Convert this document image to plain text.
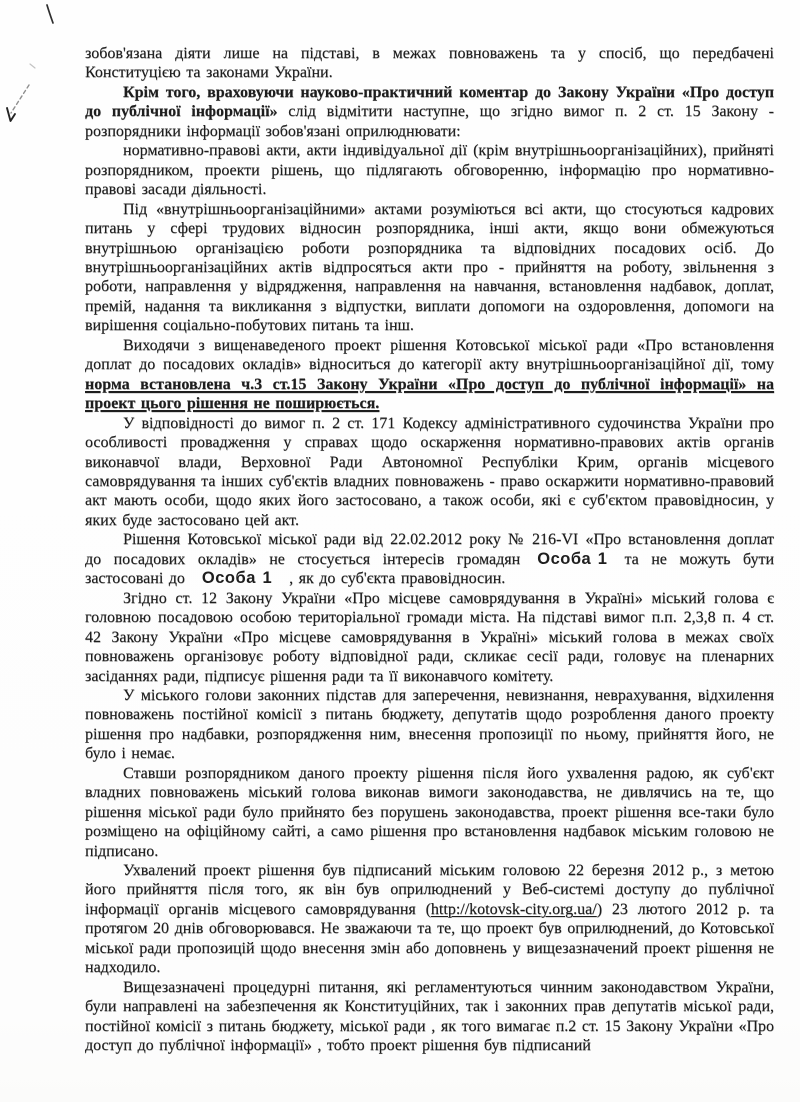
зобов'язана діяти лише на підставі, в межах повноважень та у спосіб, що передбачені Конституцією та законами України.

Крім того, враховуючи науково-практичний коментар до Закону України «Про доступ до публічної інформації» слід відмітити наступне, що згідно вимог п. 2 ст. 15 Закону - розпорядники інформації зобов'язані оприлюднювати:

нормативно-правові акти, акти індивідуальної дії (крім внутрішньоорганізаційних), прийняті розпорядником, проекти рішень, що підлягають обговоренню, інформацію про нормативно-правові засади діяльності.

Під «внутрішньоорганізаційними» актами розуміються всі акти, що стосуються кадрових питань у сфері трудових відносин розпорядника, інші акти, якщо вони обмежуються внутрішньою організацією роботи розпорядника та відповідних посадових осіб. До внутрішньоорганізаційних актів відпросяться акти про - прийняття на роботу, звільнення з роботи, направлення у відрядження, направлення на навчання, встановлення надбавок, доплат, премій, надання та викликання з відпустки, виплати допомоги на оздоровлення, допомоги на вирішення соціально-побутових питань та інш.

Виходячи з вищенаведеного проект рішення Котовської міської ради «Про встановлення доплат до посадових окладів» відноситься до категорії акту внутрішньоорганізаційної дії, тому норма встановлена ч.3 ст.15 Закону України «Про доступ до публічної інформації» на проект цього рішення не поширюється.

У відповідності до вимог п. 2 ст. 171 Кодексу адміністративного судочинства України про особливості провадження у справах щодо оскарження нормативно-правових актів органів виконавчої влади, Верховної Ради Автономної Республіки Крим, органів місцевого самоврядування та інших суб'єктів владних повноважень - право оскаржити нормативно-правовий акт мають особи, щодо яких його застосовано, а також особи, які є суб'єктом правовідносин, у яких буде застосовано цей акт.

Рішення Котовської міської ради від 22.02.2012 року № 216-VI «Про встановлення доплат до посадових окладів» не стосується інтересів громадян Особа 1 та не можуть бути застосовані до Особа 1 , як до суб'єкта правовідносин.

Згідно ст. 12 Закону України «Про місцеве самоврядування в Україні» міський голова є головною посадовою особою територіальної громади міста. На підставі вимог п.п. 2,3,8 п. 4 ст. 42 Закону України «Про місцеве самоврядування в Україні» міський голова в межах своїх повноважень організовує роботу відповідної ради, скликає сесії ради, головує на пленарних засіданнях ради, підписує рішення ради та її виконавчого комітету.

У міського голови законних підстав для заперечення, невизнання, неврахування, відхилення повноважень постійної комісії з питань бюджету, депутатів щодо розроблення даного проекту рішення про надбавки, розпорядження ним, внесення пропозиції по ньому, прийняття його, не було і немає.

Ставши розпорядником даного проекту рішення після його ухвалення радою, як суб'єкт владних повноважень міський голова виконав вимоги законодавства, не дивлячись на те, що рішення міської ради було прийнято без порушень законодавства, проект рішення все-таки було розміщено на офіційному сайті, а само рішення про встановлення надбавок міським головою не підписано.

Ухвалений проект рішення був підписаний міським головою 22 березня 2012 р., з метою його прийняття після того, як він був оприлюднений у Веб-системі доступу до публічної інформації органів місцевого самоврядування (http://kotovsk-city.org.ua/) 23 лютого 2012 р. та протягом 20 днів обговорювався. Не зважаючи та те, що проект був оприлюднений, до Котовської міської ради пропозицій щодо внесення змін або доповнень у вищезазначений проект рішення не надходило.

Вищезазначені процедурні питання, які регламентуються чинним законодавством України, були направлені на забезпечення як Конституційних, так і законних прав депутатів міської ради, постійної комісії з питань бюджету, міської ради , як того вимагає п.2 ст. 15 Закону України «Про доступ до публічної інформації» , тобто проект рішення був підписаний
